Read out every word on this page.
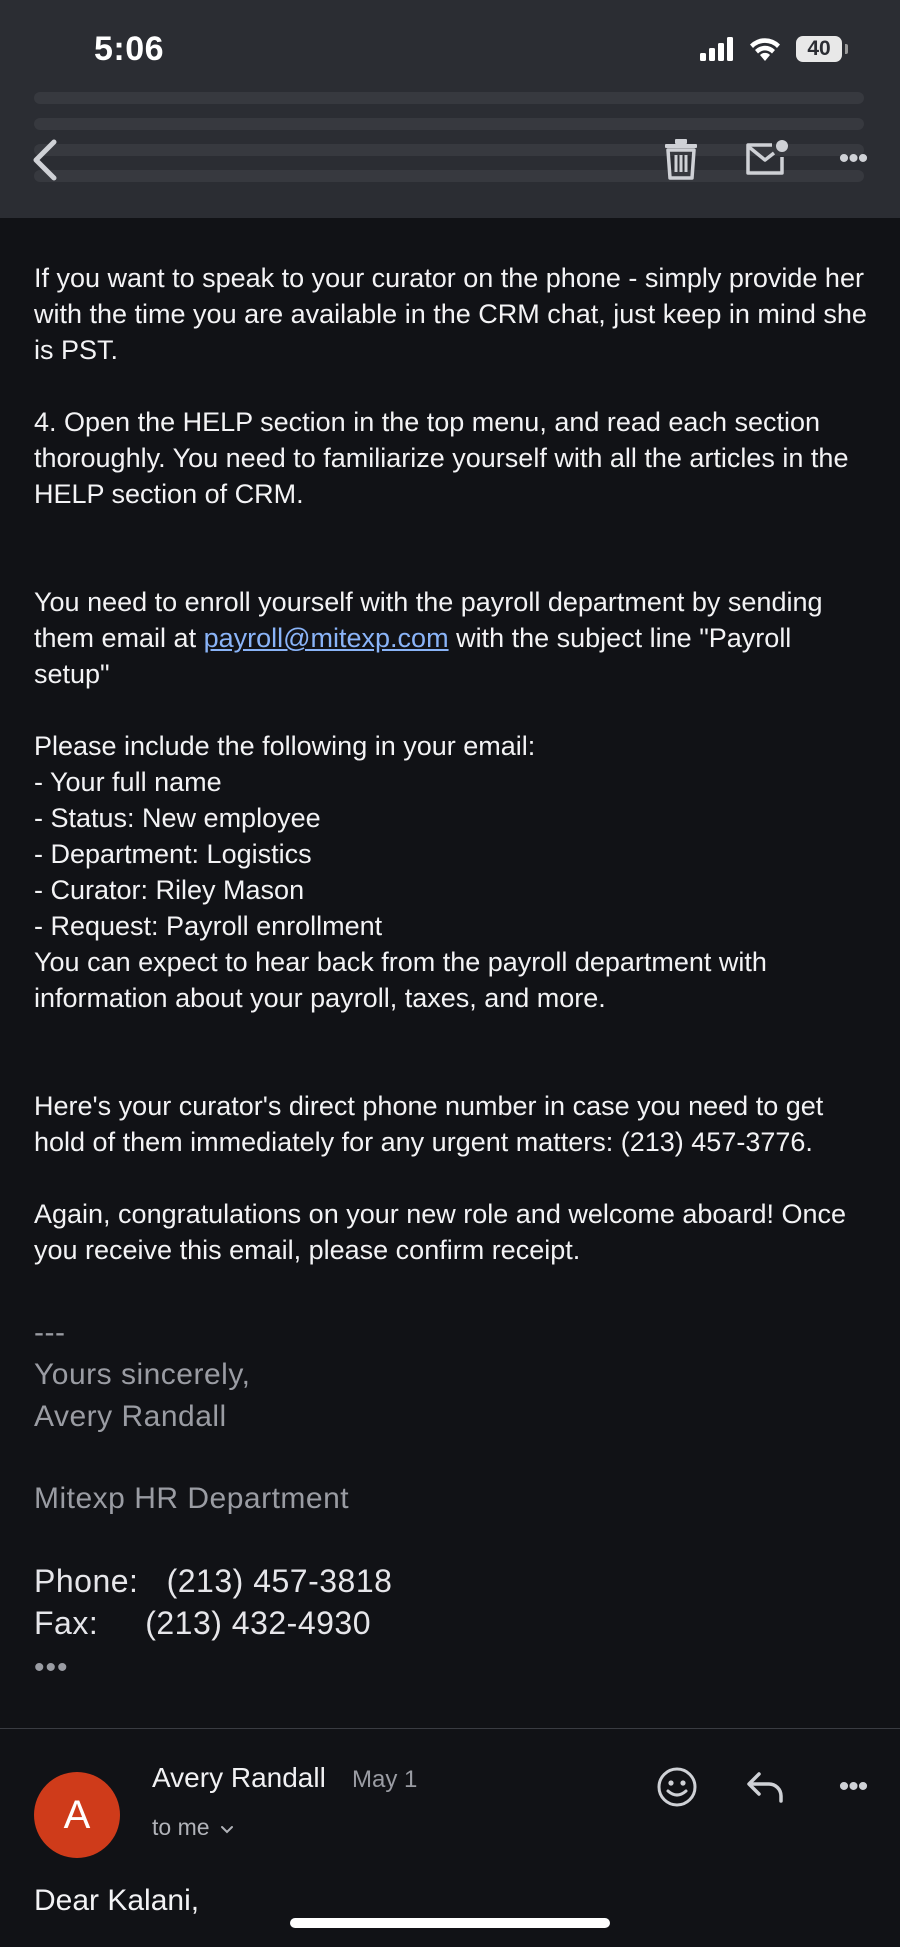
5:06	40
•••

If you want to speak to your curator on the phone - simply provide her with the time you are available in the CRM chat, just keep in mind she is PST.

4. Open the HELP section in the top menu, and read each section thoroughly. You need to familiarize yourself with all the articles in the HELP section of CRM.

You need to enroll yourself with the payroll department by sending them email at payroll@mitexp.com with the subject line "Payroll setup"

Please include the following in your email:

- Your full name

- Status: New employee

- Department: Logistics

- Curator: Riley Mason

- Request: Payroll enrollment

You can expect to hear back from the payroll department with information about your payroll, taxes, and more.

Here's your curator's direct phone number in case you need to get hold of them immediately for any urgent matters: (213) 457-3776.

Again, congratulations on your new role and welcome aboard! Once you receive this email, please confirm receipt.

---

Yours sincerely,

Avery Randall

Mitexp HR Department

Phone:   (213) 457-3818

Fax:     (213) 432-4930

•••

A
Avery Randall May 1
to me
•••
Dear Kalani,
